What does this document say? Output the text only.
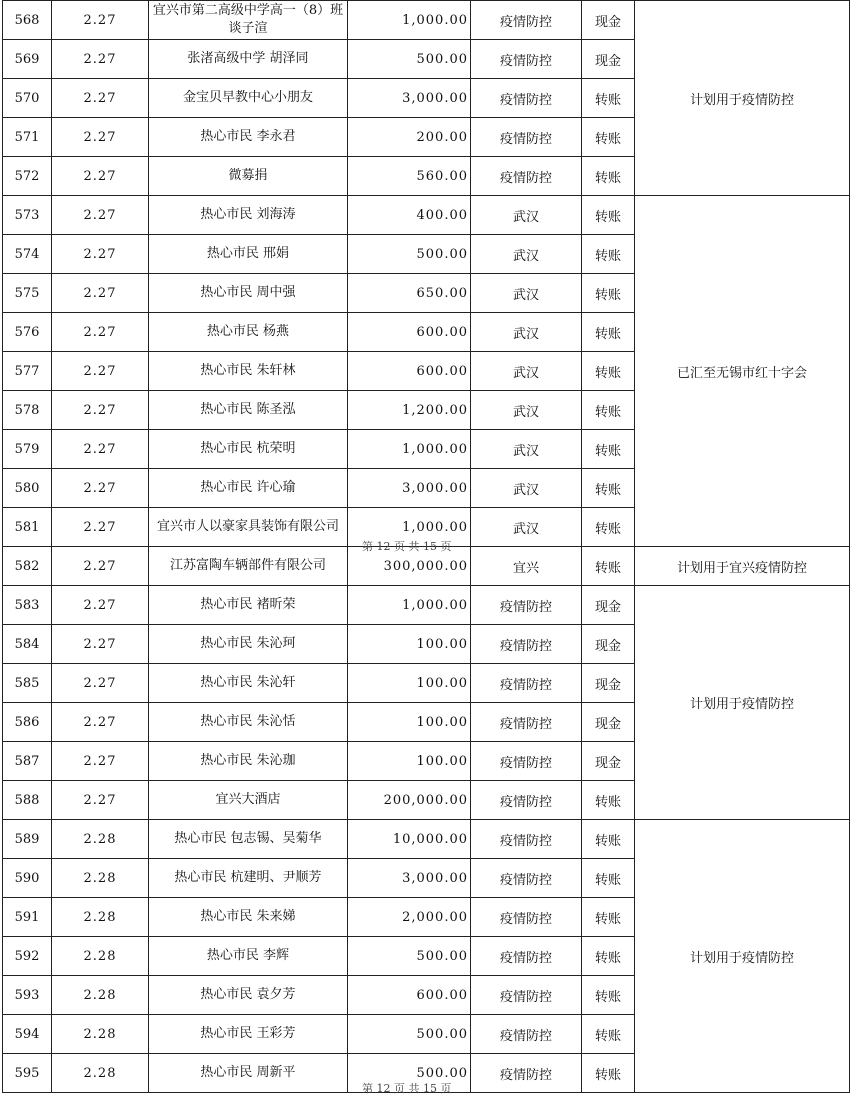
568	2.27	宜兴市第二高级中学高一（8）班 谈子渲	1,000.00	疫情防控	现金	计划用于疫情防控
569	2.27	张渚高级中学 胡泽同	500.00	疫情防控	现金	
570	2.27	金宝贝早教中心小朋友	3,000.00	疫情防控	转账	
571	2.27	热心市民 李永君	200.00	疫情防控	转账	
572	2.27	微募捐	560.00	疫情防控	转账	
573	2.27	热心市民 刘海涛	400.00	武汉	转账	已汇至无锡市红十字会
574	2.27	热心市民 邢娟	500.00	武汉	转账	
575	2.27	热心市民 周中强	650.00	武汉	转账	
576	2.27	热心市民 杨燕	600.00	武汉	转账	
577	2.27	热心市民 朱轩林	600.00	武汉	转账	
578	2.27	热心市民 陈圣泓	1,200.00	武汉	转账	
579	2.27	热心市民 杭荣明	1,000.00	武汉	转账	
580	2.27	热心市民 许心瑜	3,000.00	武汉	转账	
581	2.27	宜兴市人以豪家具装饰有限公司	1,000.00	武汉	转账	
582	2.27	江苏富陶车辆部件有限公司	300,000.00	宜兴	转账	计划用于宜兴疫情防控
583	2.27	热心市民 褚昕荣	1,000.00	疫情防控	现金	计划用于疫情防控
584	2.27	热心市民 朱沁珂	100.00	疫情防控	现金	
585	2.27	热心市民 朱沁轩	100.00	疫情防控	现金	
586	2.27	热心市民 朱沁恬	100.00	疫情防控	现金	
587	2.27	热心市民 朱沁珈	100.00	疫情防控	现金	
588	2.27	宜兴大酒店	200,000.00	疫情防控	转账	
589	2.28	热心市民 包志锡、吴菊华	10,000.00	疫情防控	转账	计划用于疫情防控
590	2.28	热心市民 杭建明、尹顺芳	3,000.00	疫情防控	转账	
591	2.28	热心市民 朱来娣	2,000.00	疫情防控	转账	
592	2.28	热心市民 李辉	500.00	疫情防控	转账	
593	2.28	热心市民 袁夕芳	600.00	疫情防控	转账	
594	2.28	热心市民 王彩芳	500.00	疫情防控	转账	
595	2.28	热心市民 周新平	500.00	疫情防控	转账	
第 12 页 共 15 页
第 12 页 共 15 页
